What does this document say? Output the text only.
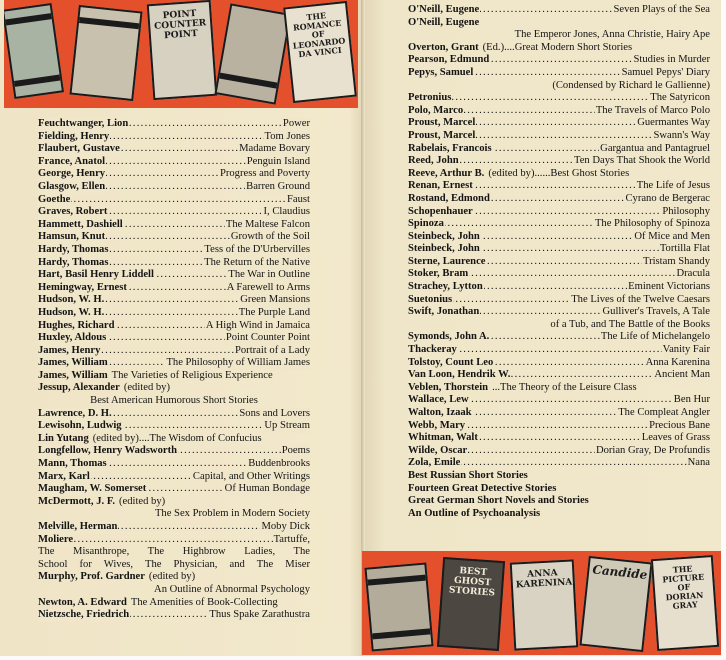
POINT COUNTER POINT
THE ROMANCE OF LEONARDO DA VINCI
..... Feuchtwanger, Lion	Power
..... Fielding, Henry	Tom Jones
..... Flaubert, Gustave	Madame Bovary
..... France, Anatol	Penguin Island
..... George, Henry	Progress and Poverty
..... Glasgow, Ellen	Barren Ground
..... Goethe	Faust
..... Graves, Robert	I, Claudius
..... Hammett, Dashiell	The Maltese Falcon
..... Hamsun, Knut	Growth of the Soil
..... Hardy, Thomas	Tess of the D'Urbervilles
..... Hardy, Thomas	The Return of the Native
..... Hart, Basil Henry Liddell	The War in Outline
..... Hemingway, Ernest	A Farewell to Arms
..... Hudson, W. H.	Green Mansions
..... Hudson, W. H.	The Purple Land
..... Hughes, Richard	A High Wind in Jamaica
..... Huxley, Aldous	Point Counter Point
..... James, Henry	Portrait of a Lady
..... James, William	The Philosophy of William James
James, William The Varieties of Religious Experience
Jessup, Alexander (edited by)
Best American Humorous Short Stories
..... Lawrence, D. H.	Sons and Lovers
..... Lewisohn, Ludwig	Up Stream
Lin Yutang (edited by)....The Wisdom of Confucius
..... Longfellow, Henry Wadsworth	Poems
..... Mann, Thomas	Buddenbrooks
..... Marx, Karl	Capital, and Other Writings
..... Maugham, W. Somerset	Of Human Bondage
McDermott, J. F. (edited by)
The Sex Problem in Modern Society
..... Melville, Herman	Moby Dick
..... Moliere	Tartuffe,
The Misanthrope, The Highbrow Ladies, The
School for Wives, The Physician, and The Miser
Murphy, Prof. Gardner (edited by)
An Outline of Abnormal Psychology
Newton, A. Edward The Amenities of Book-Collecting
..... Nietzsche, Friedrich	Thus Spake Zarathustra
..... O'Neill, Eugene	Seven Plays of the Sea
O'Neill, Eugene
The Emperor Jones, Anna Christie, Hairy Ape
Overton, Grant (Ed.)....Great Modern Short Stories
..... Pearson, Edmund	Studies in Murder
..... Pepys, Samuel	Samuel Pepys' Diary
(Condensed by Richard le Gallienne)
..... Petronius	The Satyricon
..... Polo, Marco	The Travels of Marco Polo
..... Proust, Marcel	Guermantes Way
..... Proust, Marcel	Swann's Way
..... Rabelais, Francois	Gargantua and Pantagruel
..... Reed, John	Ten Days That Shook the World
Reeve, Arthur B. (edited by)......Best Ghost Stories
..... Renan, Ernest	The Life of Jesus
..... Rostand, Edmond	Cyrano de Bergerac
..... Schopenhauer	Philosophy
..... Spinoza	The Philosophy of Spinoza
..... Steinbeck, John	Of Mice and Men
..... Steinbeck, John	Tortilla Flat
..... Sterne, Laurence	Tristam Shandy
..... Stoker, Bram	Dracula
..... Strachey, Lytton	Eminent Victorians
..... Suetonius	The Lives of the Twelve Caesars
..... Swift, Jonathan	Gulliver's Travels, A Tale
of a Tub, and The Battle of the Books
..... Symonds, John A.	The Life of Michelangelo
..... Thackeray	Vanity Fair
..... Tolstoy, Count Leo	Anna Karenina
..... Van Loon, Hendrik W.	Ancient Man
Veblen, Thorstein ...The Theory of the Leisure Class
..... Wallace, Lew	Ben Hur
..... Walton, Izaak	The Compleat Angler
..... Webb, Mary	Precious Bane
..... Whitman, Walt	Leaves of Grass
..... Wilde, Oscar	Dorian Gray, De Profundis
..... Zola, Emile	Nana
Best Russian Short Stories
Fourteen Great Detective Stories
Great German Short Novels and Stories
An Outline of Psychoanalysis
BEST GHOST STORIES
ANNA KARENINA
Candide	THE PICTURE OF DORIAN GRAY
